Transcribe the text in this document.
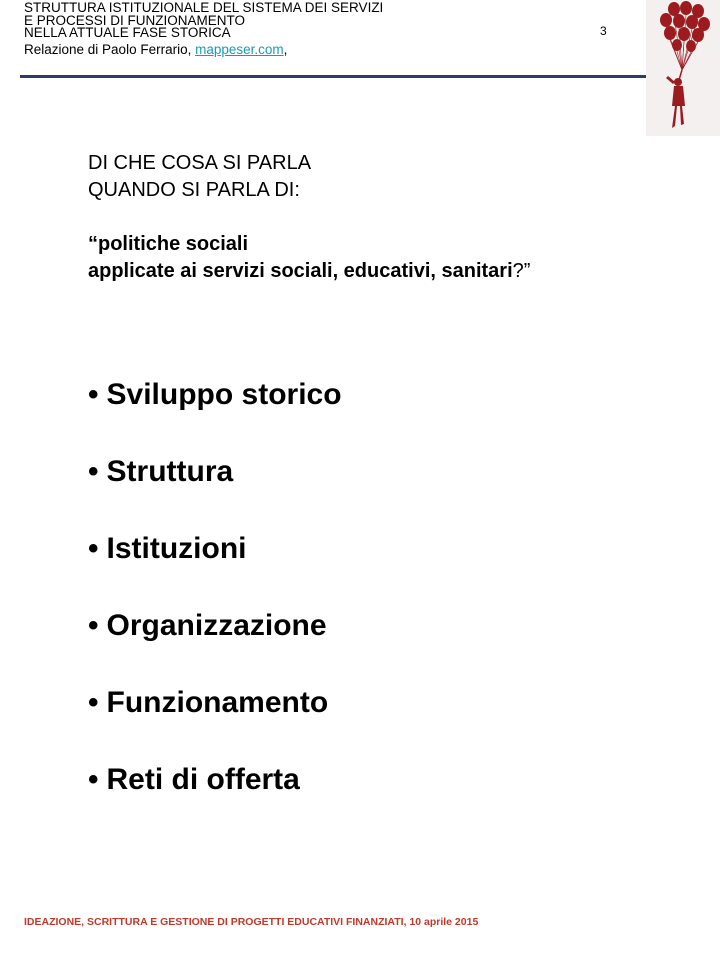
STRUTTURA ISTITUZIONALE DEL SISTEMA DEI SERVIZI
E PROCESSI DI FUNZIONAMENTO
NELLA ATTUALE FASE STORICA
Relazione di Paolo Ferrario, mappeser.com,
3
DI CHE COSA SI PARLA
QUANDO SI PARLA DI:
“politiche sociali
applicate ai servizi sociali, educativi, sanitari?”
• Sviluppo storico
• Struttura
• Istituzioni
• Organizzazione
• Funzionamento
• Reti di offerta
IDEAZIONE, SCRITTURA E GESTIONE DI PROGETTI EDUCATIVI FINANZIATI, 10 aprile 2015
